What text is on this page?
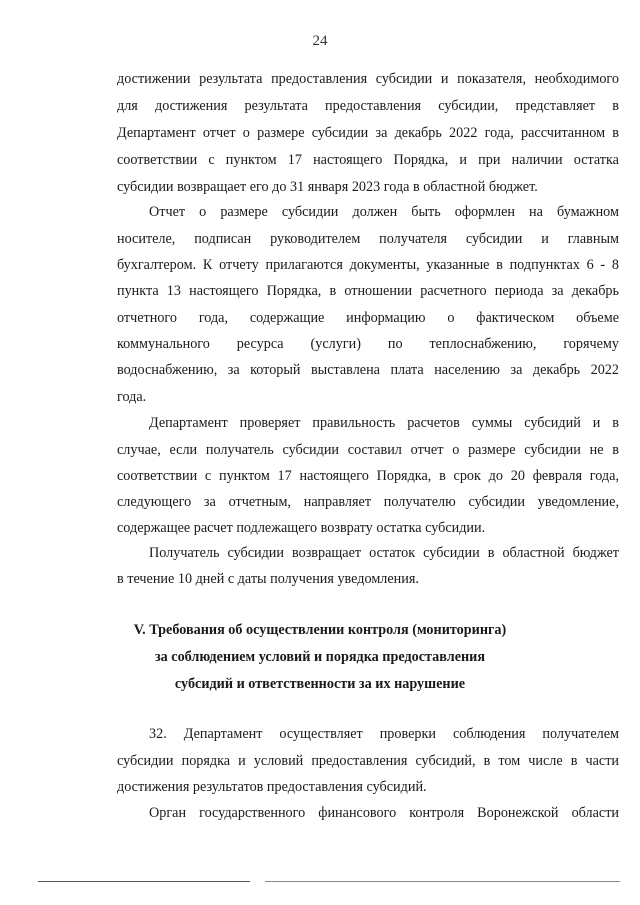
24
достижении результата предоставления субсидии и показателя, необходимого
для достижения результата предоставления субсидии, представляет в
Департамент отчет о размере субсидии за декабрь 2022 года, рассчитанном в
соответствии с пунктом 17 настоящего Порядка, и при наличии остатка
субсидии возвращает его до 31 января 2023 года в областной бюджет.
Отчет о размере субсидии должен быть оформлен на бумажном
носителе, подписан руководителем получателя субсидии и главным
бухгалтером. К отчету прилагаются документы, указанные в подпунктах 6 - 8
пункта 13 настоящего Порядка, в отношении расчетного периода за декабрь
отчетного года, содержащие информацию о фактическом объеме
коммунального ресурса (услуги) по теплоснабжению, горячему
водоснабжению, за который выставлена плата населению за декабрь 2022
года.
Департамент проверяет правильность расчетов суммы субсидий и в
случае, если получатель субсидии составил отчет о размере субсидии не в
соответствии с пунктом 17 настоящего Порядка, в срок до 20 февраля года,
следующего за отчетным, направляет получателю субсидии уведомление,
содержащее расчет подлежащего возврату остатка субсидии.
Получатель субсидии возвращает остаток субсидии в областной бюджет
в течение 10 дней с даты получения уведомления.
V. Требования об осуществлении контроля (мониторинга)
за соблюдением условий и порядка предоставления
субсидий и ответственности за их нарушение
32. Департамент осуществляет проверки соблюдения получателем
субсидии порядка и условий предоставления субсидий, в том числе в части
достижения результатов предоставления субсидий.
Орган государственного финансового контроля Воронежской области
